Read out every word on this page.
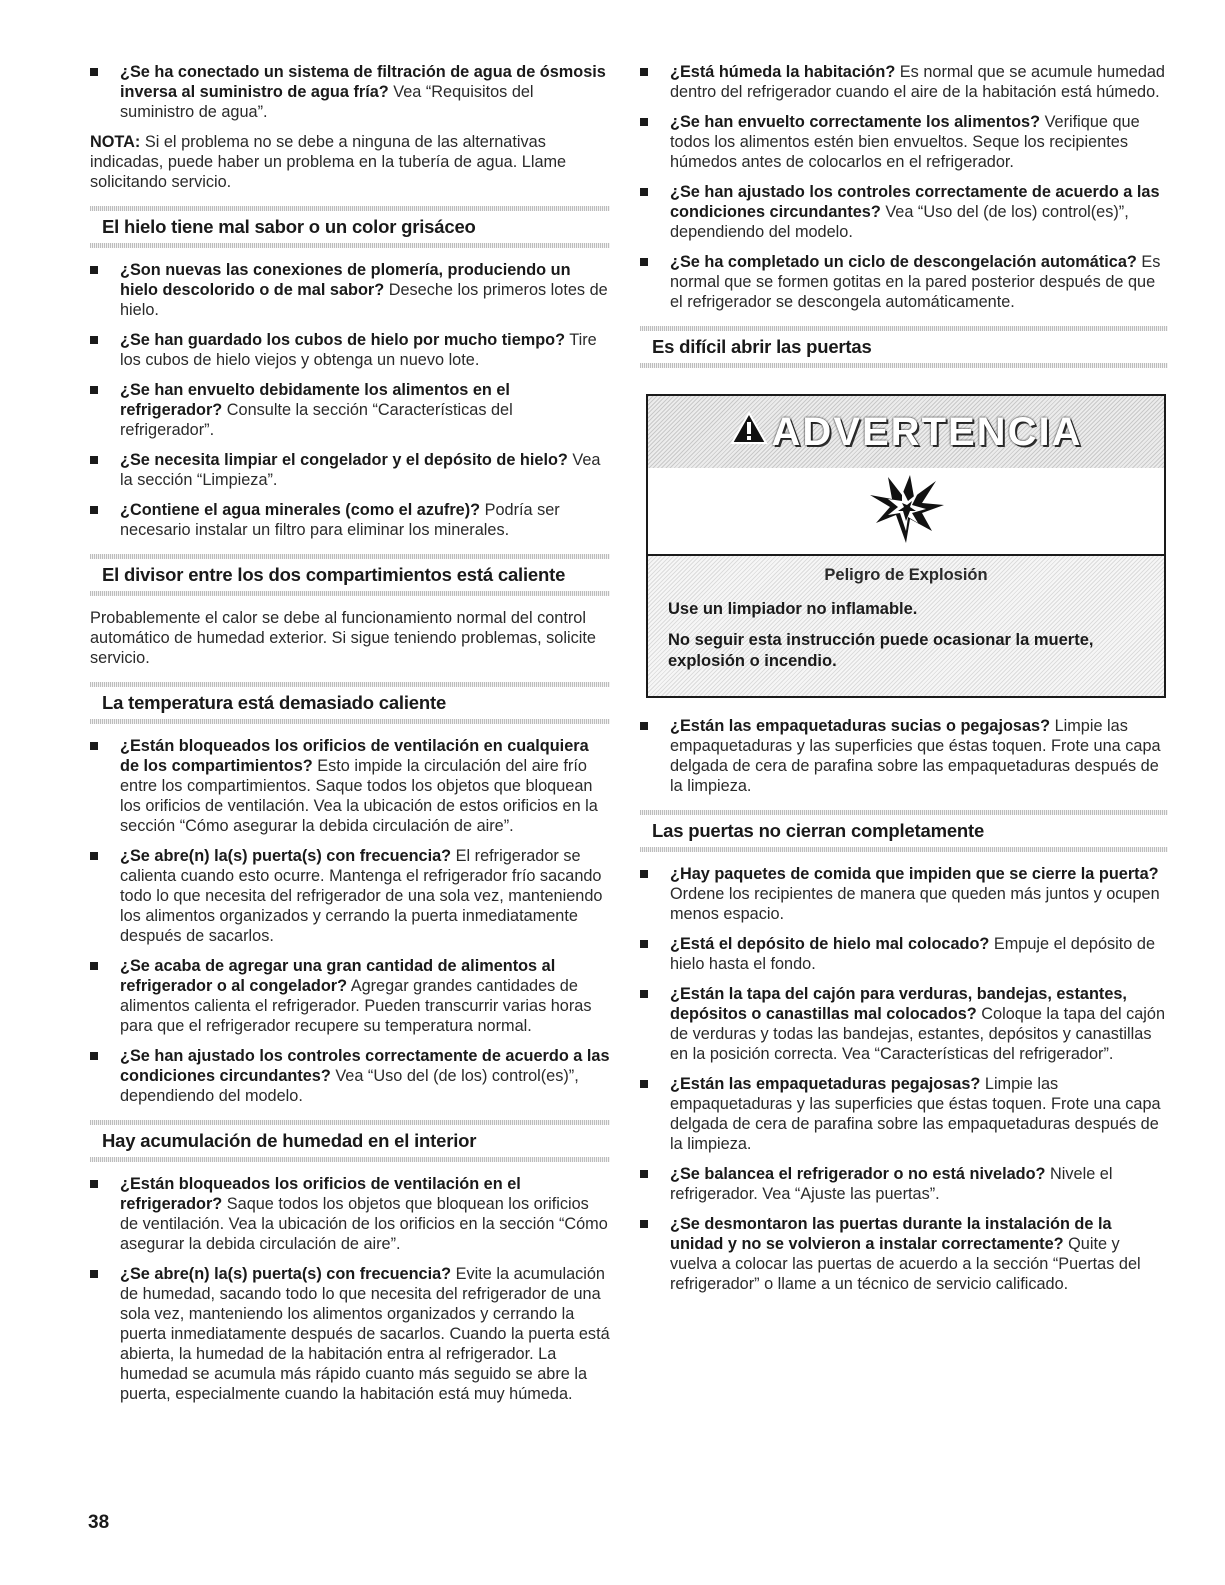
¿Se ha conectado un sistema de filtración de agua de ósmosis inversa al suministro de agua fría? Vea “Requisitos del suministro de agua”.

NOTA: Si el problema no se debe a ninguna de las alternativas indicadas, puede haber un problema en la tubería de agua. Llame solicitando servicio.

El hielo tiene mal sabor o un color grisáceo
¿Son nuevas las conexiones de plomería, produciendo un hielo descolorido o de mal sabor? Deseche los primeros lotes de hielo.
¿Se han guardado los cubos de hielo por mucho tiempo? Tire los cubos de hielo viejos y obtenga un nuevo lote.
¿Se han envuelto debidamente los alimentos en el refrigerador? Consulte la sección “Características del refrigerador”.
¿Se necesita limpiar el congelador y el depósito de hielo? Vea la sección “Limpieza”.
¿Contiene el agua minerales (como el azufre)? Podría ser necesario instalar un filtro para eliminar los minerales.
El divisor entre los dos compartimientos está caliente

Probablemente el calor se debe al funcionamiento normal del control automático de humedad exterior. Si sigue teniendo problemas, solicite servicio.

La temperatura está demasiado caliente
¿Están bloqueados los orificios de ventilación en cualquiera de los compartimientos? Esto impide la circulación del aire frío entre los compartimientos. Saque todos los objetos que bloquean los orificios de ventilación. Vea la ubicación de estos orificios en la sección “Cómo asegurar la debida circulación de aire”.
¿Se abre(n) la(s) puerta(s) con frecuencia? El refrigerador se calienta cuando esto ocurre. Mantenga el refrigerador frío sacando todo lo que necesita del refrigerador de una sola vez, manteniendo los alimentos organizados y cerrando la puerta inmediatamente después de sacarlos.
¿Se acaba de agregar una gran cantidad de alimentos al refrigerador o al congelador? Agregar grandes cantidades de alimentos calienta el refrigerador. Pueden transcurrir varias horas para que el refrigerador recupere su temperatura normal.
¿Se han ajustado los controles correctamente de acuerdo a las condiciones circundantes? Vea “Uso del (de los) control(es)”, dependiendo del modelo.
Hay acumulación de humedad en el interior
¿Están bloqueados los orificios de ventilación en el refrigerador? Saque todos los objetos que bloquean los orificios de ventilación. Vea la ubicación de los orificios en la sección “Cómo asegurar la debida circulación de aire”.
¿Se abre(n) la(s) puerta(s) con frecuencia? Evite la acumulación de humedad, sacando todo lo que necesita del refrigerador de una sola vez, manteniendo los alimentos organizados y cerrando la puerta inmediatamente después de sacarlos. Cuando la puerta está abierta, la humedad de la habitación entra al refrigerador. La humedad se acumula más rápido cuanto más seguido se abre la puerta, especialmente cuando la habitación está muy húmeda.
¿Está húmeda la habitación? Es normal que se acumule humedad dentro del refrigerador cuando el aire de la habitación está húmedo.
¿Se han envuelto correctamente los alimentos? Verifique que todos los alimentos estén bien envueltos. Seque los recipientes húmedos antes de colocarlos en el refrigerador.
¿Se han ajustado los controles correctamente de acuerdo a las condiciones circundantes? Vea “Uso del (de los) control(es)”, dependiendo del modelo.
¿Se ha completado un ciclo de descongelación automática? Es normal que se formen gotitas en la pared posterior después de que el refrigerador se descongela automáticamente.
Es difícil abrir las puertas
ADVERTENCIA
Peligro de Explosión
Use un limpiador no inflamable.
No seguir esta instrucción puede ocasionar la muerte, explosión o incendio.
¿Están las empaquetaduras sucias o pegajosas? Limpie las empaquetaduras y las superficies que éstas toquen. Frote una capa delgada de cera de parafina sobre las empaquetaduras después de la limpieza.
Las puertas no cierran completamente
¿Hay paquetes de comida que impiden que se cierre la puerta? Ordene los recipientes de manera que queden más juntos y ocupen menos espacio.
¿Está el depósito de hielo mal colocado? Empuje el depósito de hielo hasta el fondo.
¿Están la tapa del cajón para verduras, bandejas, estantes, depósitos o canastillas mal colocados? Coloque la tapa del cajón de verduras y todas las bandejas, estantes, depósitos y canastillas en la posición correcta. Vea “Características del refrigerador”.
¿Están las empaquetaduras pegajosas? Limpie las empaquetaduras y las superficies que éstas toquen. Frote una capa delgada de cera de parafina sobre las empaquetaduras después de la limpieza.
¿Se balancea el refrigerador o no está nivelado? Nivele el refrigerador. Vea “Ajuste las puertas”.
¿Se desmontaron las puertas durante la instalación de la unidad y no se volvieron a instalar correctamente? Quite y vuelva a colocar las puertas de acuerdo a la sección “Puertas del refrigerador” o llame a un técnico de servicio calificado.
38
